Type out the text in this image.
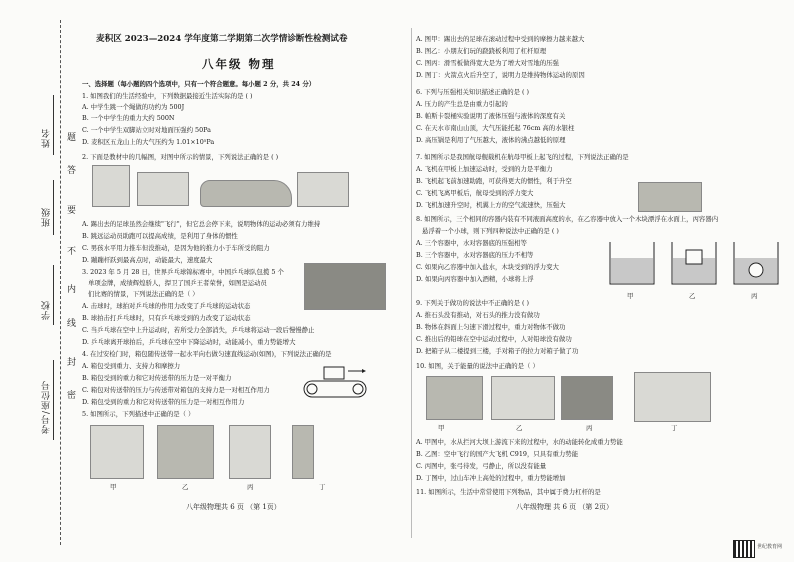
姓名
班级
学校
考号/座位号
题
答
要
不
内
线
封
密
麦积区 2023—2024 学年度第二学期第二次学情诊断性检测试卷
八年级 物理
一、选择题（每小题的四个选项中，只有一个符合题意。每小题 2 分，共 24 分）
1. 如图我们的生活经验中，下列数据最接近生活实际的是 ( )
A. 中学生跳一个绳做的功约为 500J
B. 一个中学生的重力大约 500N
C. 一个中学生双脚站立时对地面压强约 50Pa
D. 麦积区五龙山上的大气压约为 1.01×10⁵Pa
2. 下面是教材中的几幅图，对图中所示的情景，下列说法正确的是 ( )
A. 踢出去的足球虽然会继续"飞行"，但它总会停下来，说明物体的运动必须有力维持
B. 跳远运动员助跑可以提高成绩，是利用了身体的惯性
C. 男孩水平用力推车但没推动，是因为他的推力小于车所受的阻力
D. 蹦蹦杆跃到最高点时，动能最大，速度最大
3. 2023 年 5 月 28 日，世界乒乓球锦标赛中，中国乒乓球队包揽 5 个
单项金牌，成绩辉煌骄人，捍卫了国乒王者荣誉，如图是运动员
们比赛的情景，下列说法正确的是（ ）
A. 击球时，球拍对乒乓球的作用力改变了乒乓球的运动状态
B. 球拍击打乒乓球时，只有乒乓球受到的力改变了运动状态
C. 当乒乓球在空中上升运动时，若所受力全部消失，乒乓球将运动一段后慢慢静止
D. 乒乓球离开球拍后，乒乓球在空中下降运动时，动能减小，重力势能增大
4. 在过安检门时，箱包随传送带一起水平向右做匀速直线运动(如图)，下列说法正确的是
A. 箱包受到重力、支持力和摩擦力
B. 箱包受到的重力和它对传送带的压力是一对平衡力
C. 箱包对传送带的压力与传送带对箱包的支持力是一对相互作用力
D. 箱包受到的重力和它对传送带的压力是一对相互作用力
5. 如图所示，下列描述中正确的是（ ）
甲	乙	丙	丁
八年级物理共 6 页 （第 1页）
A. 图甲：踢出去的足球在滚动过程中受到的摩擦力越来越大
B. 图乙：小朋友们玩的跷跷板利用了杠杆原理
C. 图丙：滑雪板做得宽大是为了增大对雪地的压强
D. 图丁：火箭点火后升空了，说明力是维持物体运动的原因
6. 下列与压强相关知识描述正确的是 ( )
A. 压力的产生总是由重力引起的
B. 帕斯卡裂桶实验说明了液体压强与液体的深度有关
C. 在天水市南山山顶，大气压能托起 76cm 高的水银柱
D. 高压锅是利用了气压越大，液体的沸点越低的原理
7. 如图所示是我国航母舰载机在航母甲板上起飞的过程，下列说法正确的是
A. 飞机在甲板上加速运动时，受到的力是平衡力
B. 飞机起飞前加速助跑，可获得更大的惯性，利于升空
C. 飞机飞离甲板后，航母受到的浮力变大
D. 飞机加速升空时，机翼上方的空气流速快，压强大
8. 如图所示，三个相同的容器内装有不同液面高度的水，在乙容器中放入一个木块漂浮在水面上，丙容器内
悬浮着一个小球，则下列四种说法中正确的是 ( )
A. 三个容器中，水对容器底的压强相等
B. 三个容器中，水对容器底的压力不相等
C. 如果向乙容器中加入盐水，木块受到的浮力变大
D. 如果向丙容器中加入酒精，小球将上浮
甲	乙	丙
9. 下列关于做功的说法中不正确的是 ( )
A. 推石头没有推动，对石头的推力没有做功
B. 物体在斜面上匀速下滑过程中，重力对物体不做功
C. 推出后的铅球在空中运动过程中，人对铅球没有做功
D. 把箱子从二楼提到三楼，手对箱子的拉力对箱子做了功
10. 如图，关于能量的说法中正确的是（ ）
甲	乙	丙	丁
A. 甲图中，水从拦河大坝上游流下来的过程中，水的动能转化成重力势能
B. 乙图：空中飞行的国产大飞机 C919，只具有重力势能
C. 丙图中，张弓待发，弓静止，所以没有能量
D. 丁图中，过山车冲上高处的过程中，重力势能增加
11. 如图所示，生活中常常使用下列物品，其中属于费力杠杆的是
八年级物理 共 6 页 （第 2页）
世纪教育网
